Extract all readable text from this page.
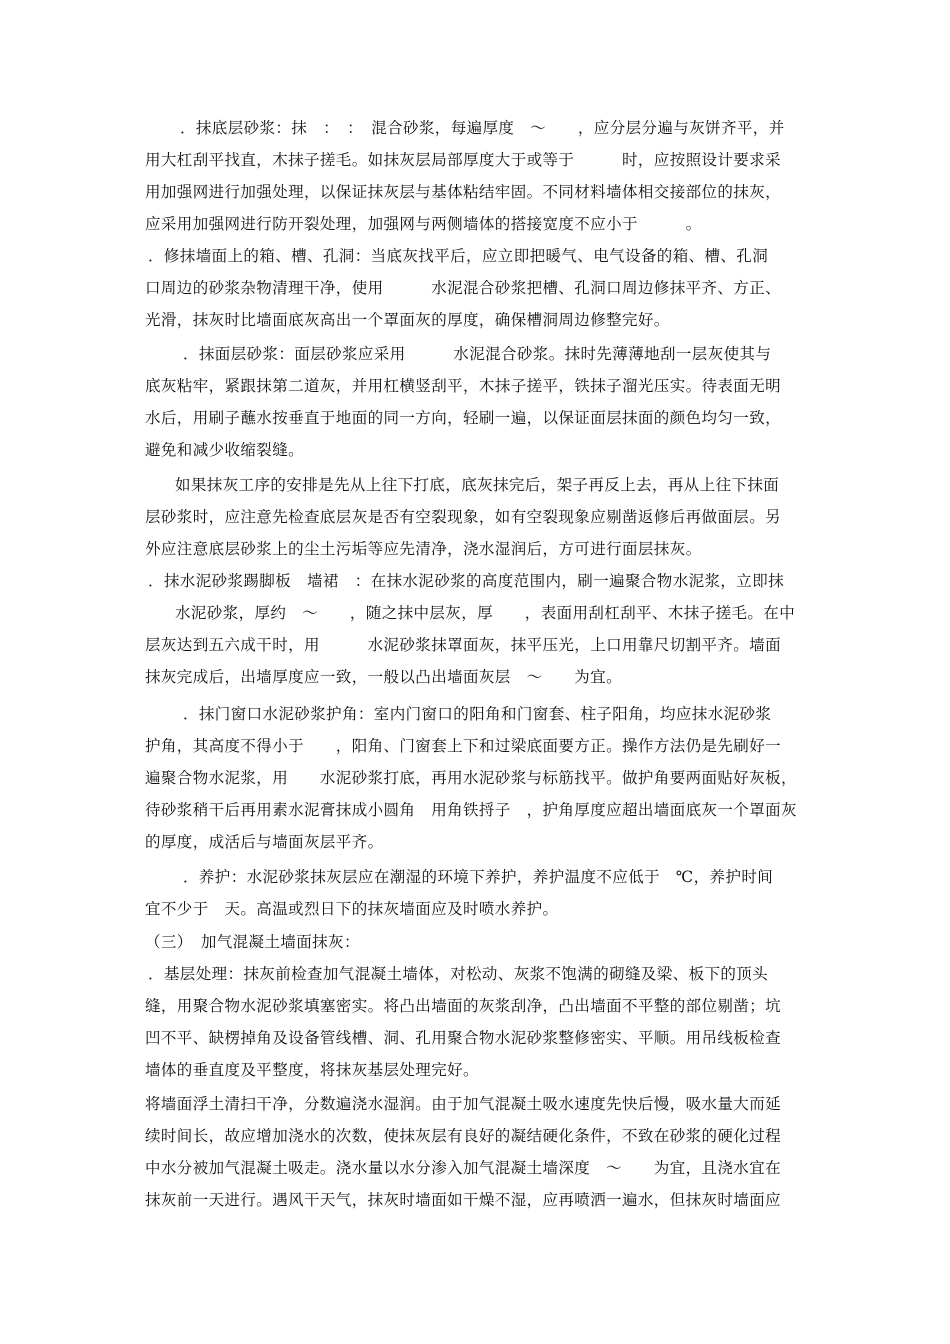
．抹底层砂浆：抹　：　：　混合砂浆，每遍厚度　～　　，应分层分遍与灰饼齐平，并
用大杠刮平找直，木抹子搓毛。如抹灰层局部厚度大于或等于　　　时，应按照设计要求采
用加强网进行加强处理，以保证抹灰层与基体粘结牢固。不同材料墙体相交接部位的抹灰，
应采用加强网进行防开裂处理，加强网与两侧墙体的搭接宽度不应小于　　　。
．修抹墙面上的箱、槽、孔洞：当底灰找平后，应立即把暖气、电气设备的箱、槽、孔洞
口周边的砂浆杂物清理干净，使用　　　水泥混合砂浆把槽、孔洞口周边修抹平齐、方正、
光滑，抹灰时比墙面底灰高出一个罩面灰的厚度，确保槽洞周边修整完好。
．抹面层砂浆：面层砂浆应采用　　　水泥混合砂浆。抹时先薄薄地刮一层灰使其与
底灰粘牢，紧跟抹第二道灰，并用杠横竖刮平，木抹子搓平，铁抹子溜光压实。待表面无明
水后，用刷子蘸水按垂直于地面的同一方向，轻刷一遍，以保证面层抹面的颜色均匀一致，
避免和减少收缩裂缝。
如果抹灰工序的安排是先从上往下打底，底灰抹完后，架子再反上去，再从上往下抹面
层砂浆时，应注意先检查底层灰是否有空裂现象，如有空裂现象应剔凿返修后再做面层。另
外应注意底层砂浆上的尘土污垢等应先清净，浇水湿润后，方可进行面层抹灰。
．抹水泥砂浆踢脚板　墙裙　：在抹水泥砂浆的高度范围内，刷一遍聚合物水泥浆，立即抹
水泥砂浆，厚约　～　　，随之抹中层灰，厚　　，表面用刮杠刮平、木抹子搓毛。在中
层灰达到五六成干时，用　　　水泥砂浆抹罩面灰，抹平压光，上口用靠尺切割平齐。墙面
抹灰完成后，出墙厚度应一致，一般以凸出墙面灰层　～　　为宜。
．抹门窗口水泥砂浆护角：室内门窗口的阳角和门窗套、柱子阳角，均应抹水泥砂浆
护角，其高度不得小于　　，阳角、门窗套上下和过梁底面要方正。操作方法仍是先刷好一
遍聚合物水泥浆，用　　水泥砂浆打底，再用水泥砂浆与标筋找平。做护角要两面贴好灰板，
待砂浆稍干后再用素水泥膏抹成小圆角　用角铁捋子　，护角厚度应超出墙面底灰一个罩面灰
的厚度，成活后与墙面灰层平齐。
．养护：水泥砂浆抹灰层应在潮湿的环境下养护，养护温度不应低于　℃，养护时间
宜不少于　天。高温或烈日下的抹灰墙面应及时喷水养护。
（三）　加气混凝土墙面抹灰：
．基层处理：抹灰前检查加气混凝土墙体，对松动、灰浆不饱满的砌缝及梁、板下的顶头
缝，用聚合物水泥砂浆填塞密实。将凸出墙面的灰浆刮净，凸出墙面不平整的部位剔凿；坑
凹不平、缺楞掉角及设备管线槽、洞、孔用聚合物水泥砂浆整修密实、平顺。用吊线板检查
墙体的垂直度及平整度，将抹灰基层处理完好。
将墙面浮土清扫干净，分数遍浇水湿润。由于加气混凝土吸水速度先快后慢，吸水量大而延
续时间长，故应增加浇水的次数，使抹灰层有良好的凝结硬化条件，不致在砂浆的硬化过程
中水分被加气混凝土吸走。浇水量以水分渗入加气混凝土墙深度　～　　为宜，且浇水宜在
抹灰前一天进行。遇风干天气，抹灰时墙面如干燥不湿，应再喷洒一遍水，但抹灰时墙面应
